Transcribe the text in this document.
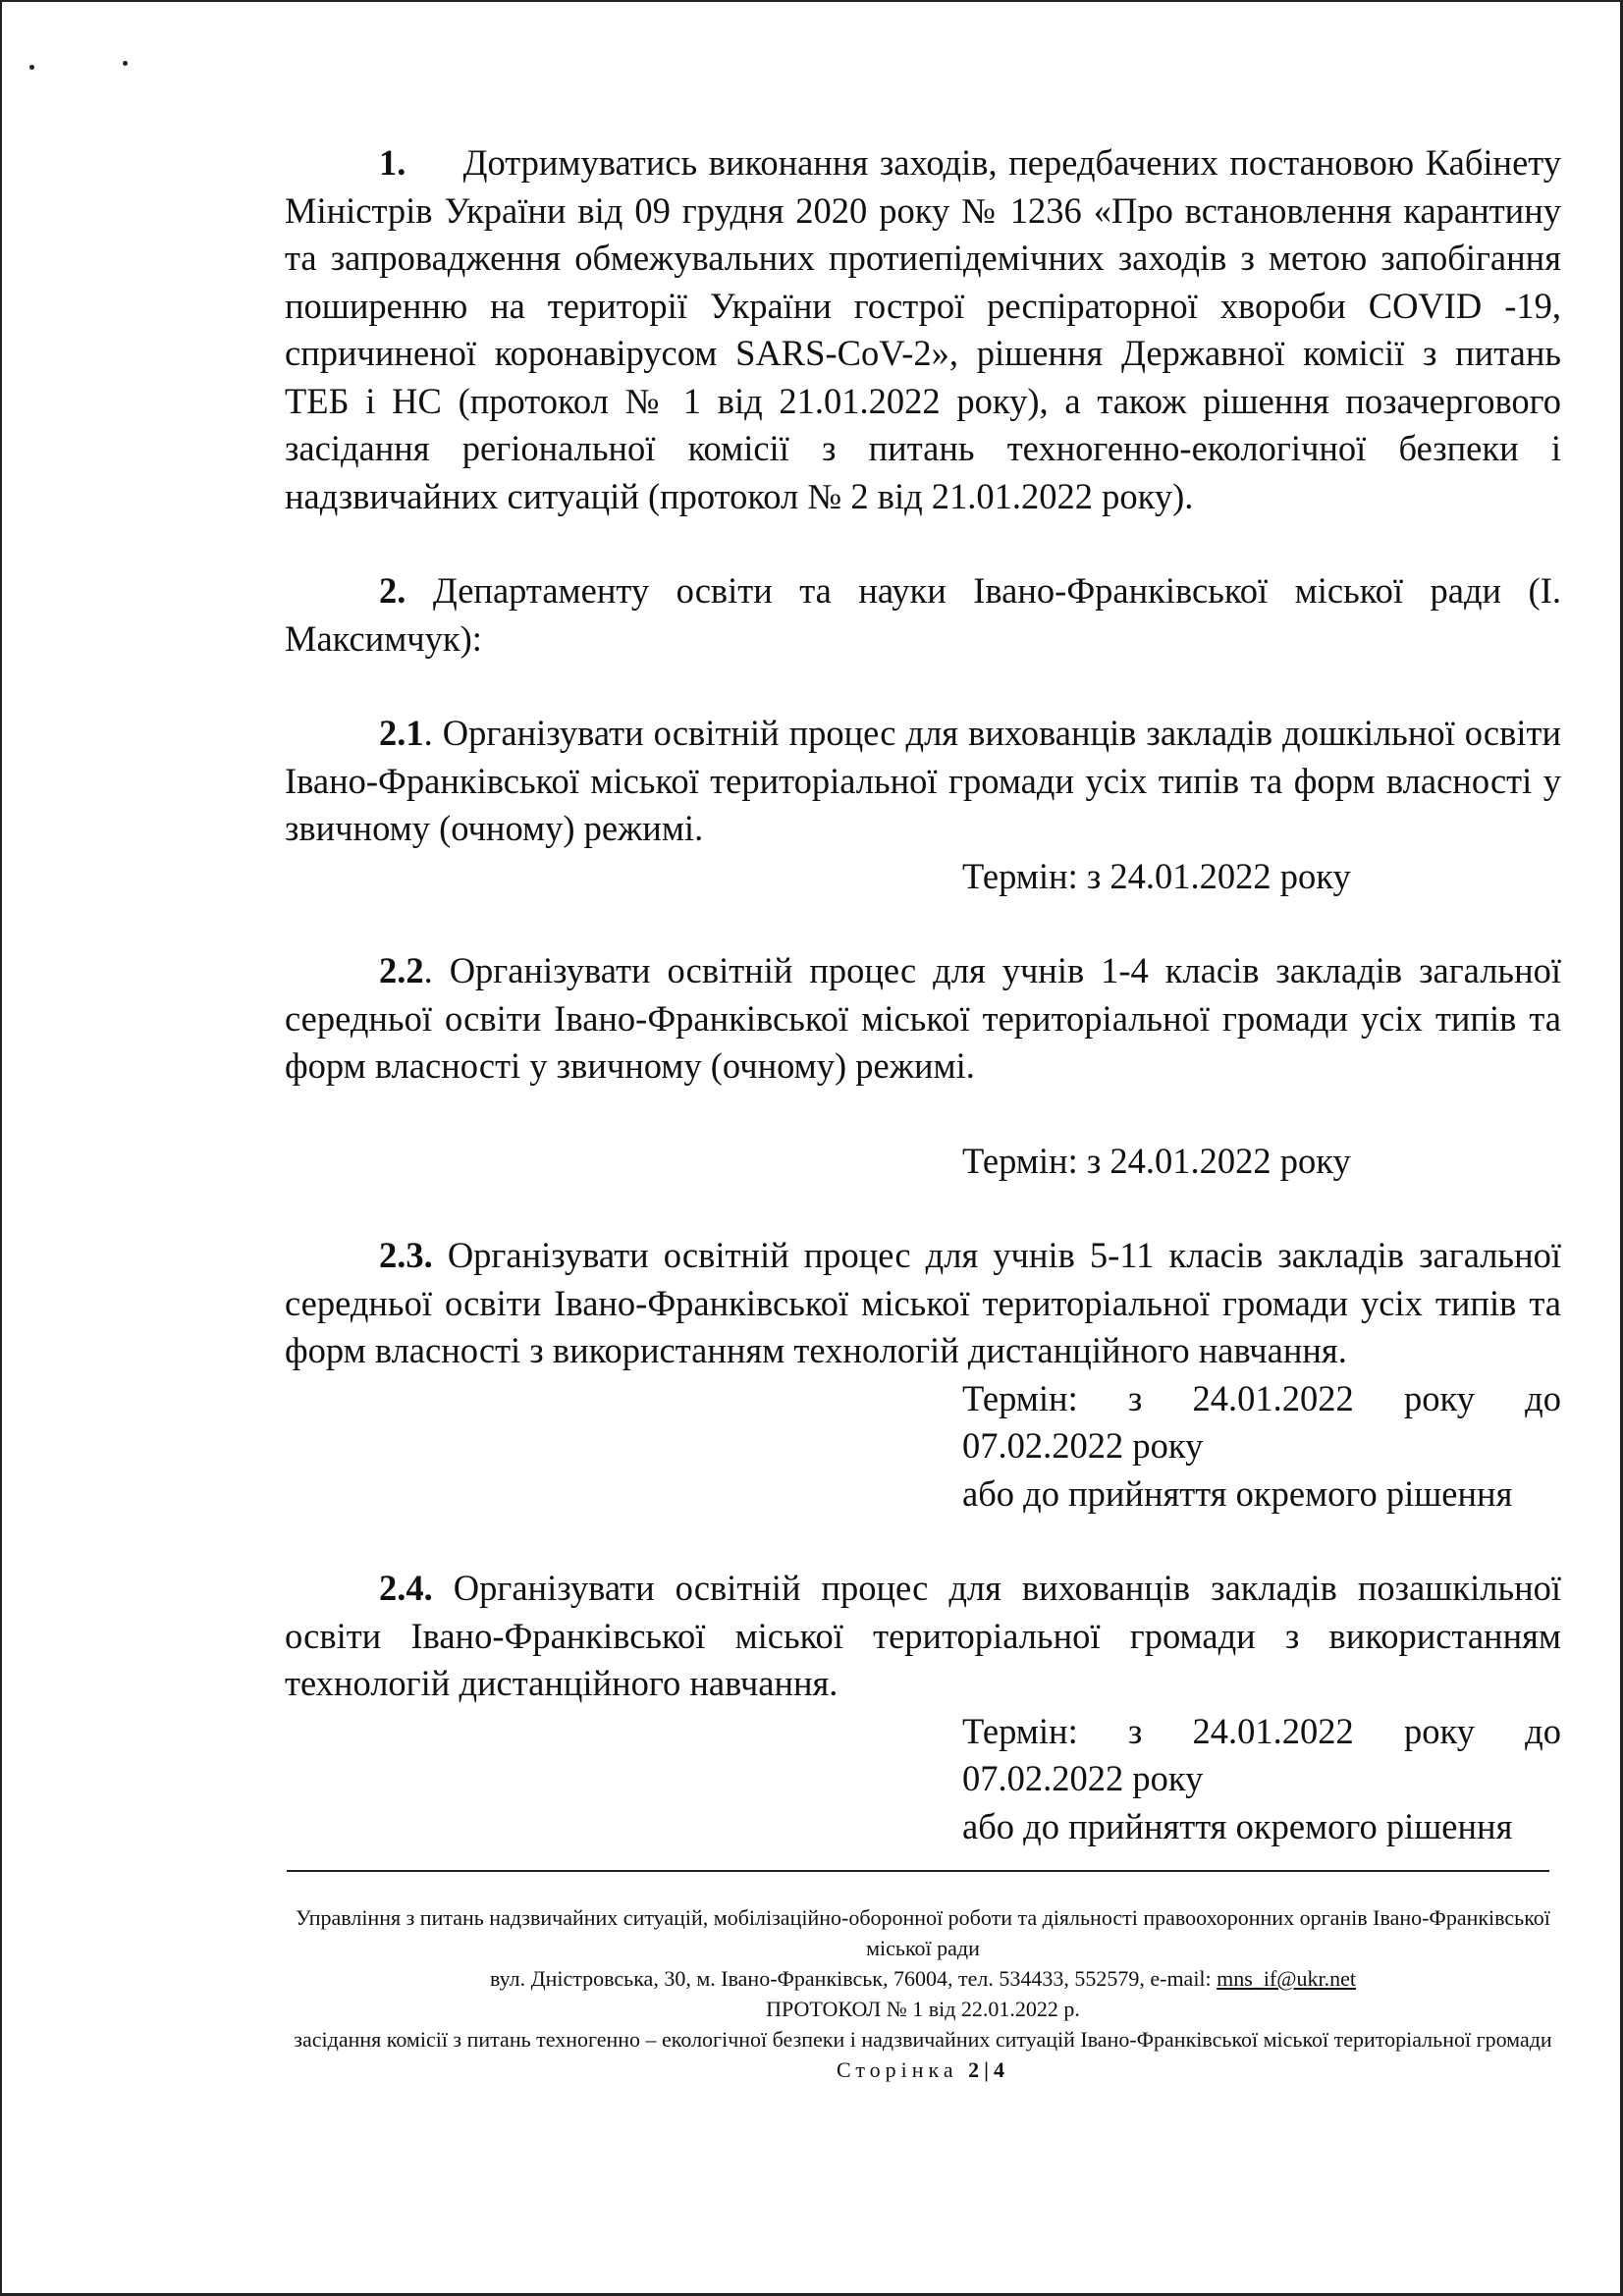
1. Дотримуватись виконання заходів, передбачених постановою Кабінету Міністрів України від 09 грудня 2020 року № 1236 «Про встановлення карантину та запровадження обмежувальних протиепідемічних заходів з метою запобігання поширенню на території України гострої респіраторної хвороби COVID -19, спричиненої коронавірусом SARS-CoV-2», рішення Державної комісії з питань ТЕБ і НС (протокол № 1 від 21.01.2022 року), а також рішення позачергового засідання регіональної комісії з питань техногенно-екологічної безпеки і надзвичайних ситуацій (протокол № 2 від 21.01.2022 року).

2. Департаменту освіти та науки Івано-Франківської міської ради (І. Максимчук):

2.1. Організувати освітній процес для вихованців закладів дошкільної освіти Івано-Франківської міської територіальної громади усіх типів та форм власності у звичному (очному) режимі.

Термін: з 24.01.2022 року

2.2. Організувати освітній процес для учнів 1-4 класів закладів загальної середньої освіти Івано-Франківської міської територіальної громади усіх типів та форм власності у звичному (очному) режимі.

Термін: з 24.01.2022 року

2.3. Організувати освітній процес для учнів 5-11 класів закладів загальної середньої освіти Івано-Франківської міської територіальної громади усіх типів та форм власності з використанням технологій дистанційного навчання.

Термін: з 24.01.2022 року до
07.02.2022 року
або до прийняття окремого рішення

2.4. Організувати освітній процес для вихованців закладів позашкільної освіти Івано-Франківської міської територіальної громади з використанням технологій дистанційного навчання.

Термін: з 24.01.2022 року до
07.02.2022 року
або до прийняття окремого рішення
Управління з питань надзвичайних ситуацій, мобілізаційно-оборонної роботи та діяльності правоохоронних органів Івано-Франківської міської ради
вул. Дністровська, 30, м. Івано-Франківськ, 76004, тел. 534433, 552579, e-mail: mns_if@ukr.net
ПРОТОКОЛ № 1 від 22.01.2022 р.
засідання комісії з питань техногенно – екологічної безпеки і надзвичайних ситуацій Івано-Франківської міської територіальної громади
Сторінка 2|4
